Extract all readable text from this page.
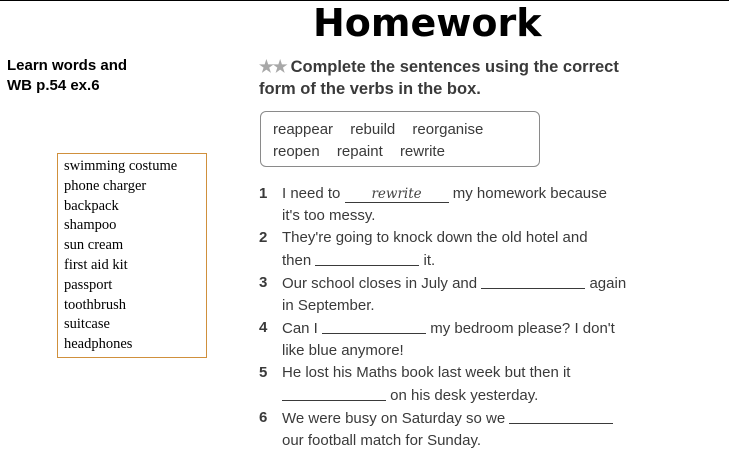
Homework
Learn words and
WB p.54 ex.6
swimming costume
phone charger
backpack
shampoo
sun cream
first aid kit
passport
toothbrush
suitcase
headphones
★★ Complete the sentences using the correct
form of the verbs in the box.
reappear rebuild reorganise
reopen repaint rewrite
1 I need to rewrite my homework because
it's too messy.
2 They're going to knock down the old hotel and
then	it.
3 Our school closes in July and	again
in September.
4 Can I	my bedroom please? I don't
like blue anymore!
5 He lost his Maths book last week but then it
on his desk yesterday.
6 We were busy on Saturday so we
our football match for Sunday.
